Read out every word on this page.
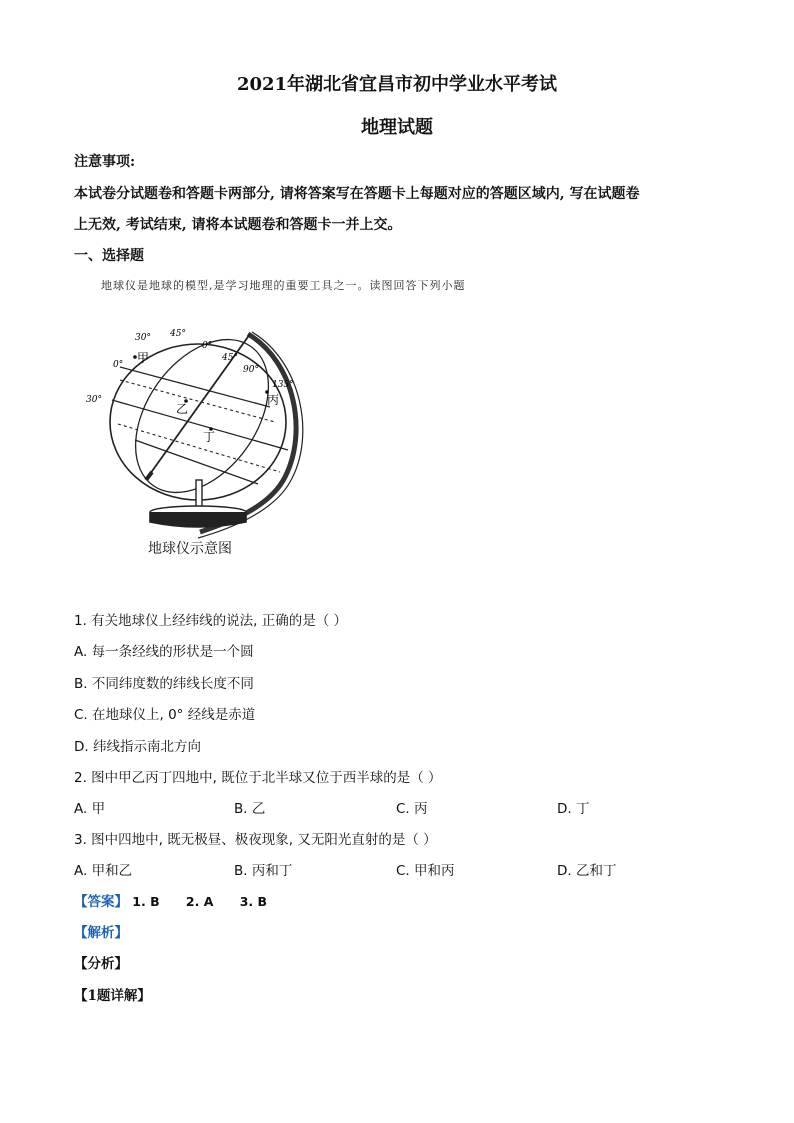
2021年湖北省宜昌市初中学业水平考试
地理试题
注意事项:
本试卷分试题卷和答题卡两部分, 请将答案写在答题卡上每题对应的答题区域内, 写在试题卷
上无效, 考试结束, 请将本试题卷和答题卡一并上交。
一、选择题
地球仪是地球的模型,是学习地理的重要工具之一。读图回答下列小题
30° 45°
0°
45°
0°	90°
135°
30°
甲
乙
丙
丁
地球仪示意图
1. 有关地球仪上经纬线的说法, 正确的是（ ）
A. 每一条经线的形状是一个圆
B. 不同纬度数的纬线长度不同
C. 在地球仪上, 0° 经线是赤道
D. 纬线指示南北方向
2. 图中甲乙丙丁四地中, 既位于北半球又位于西半球的是（ ）
A. 甲	B. 乙	C. 丙	D. 丁
3. 图中四地中, 既无极昼、极夜现象, 又无阳光直射的是（ ）
A. 甲和乙	B. 丙和丁	C. 甲和丙	D. 乙和丁
【答案】 1. B 2. A 3. B
【解析】
【分析】
【1题详解】
